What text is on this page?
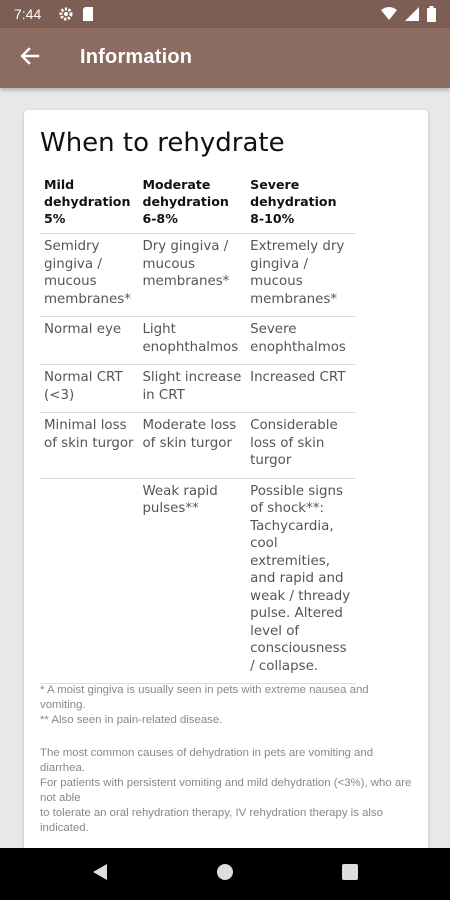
7:44
Information
When to rehydrate
Mild dehydration 5%	Moderate dehydration 6-8%	Severe dehydration 8-10%
Semidry gingiva / mucous membranes*	Dry gingiva / mucous membranes*	Extremely dry gingiva / mucous membranes*
Normal eye	Light enophthalmos	Severe enophthalmos
Normal CRT (<3)	Slight increase in CRT	Increased CRT
Minimal loss of skin turgor	Moderate loss of skin turgor	Considerable loss of skin turgor
	Weak rapid pulses**	Possible signs of shock**: Tachycardia, cool extremities, and rapid and weak / thready pulse. Altered level of consciousness / collapse.
* A moist gingiva is usually seen in pets with extreme nausea and vomiting.
** Also seen in pain-related disease.
The most common causes of dehydration in pets are vomiting and diarrhea.
For patients with persistent vomiting and mild dehydration (<3%), who are not able
to tolerate an oral rehydration therapy, IV rehydration therapy is also indicated.
